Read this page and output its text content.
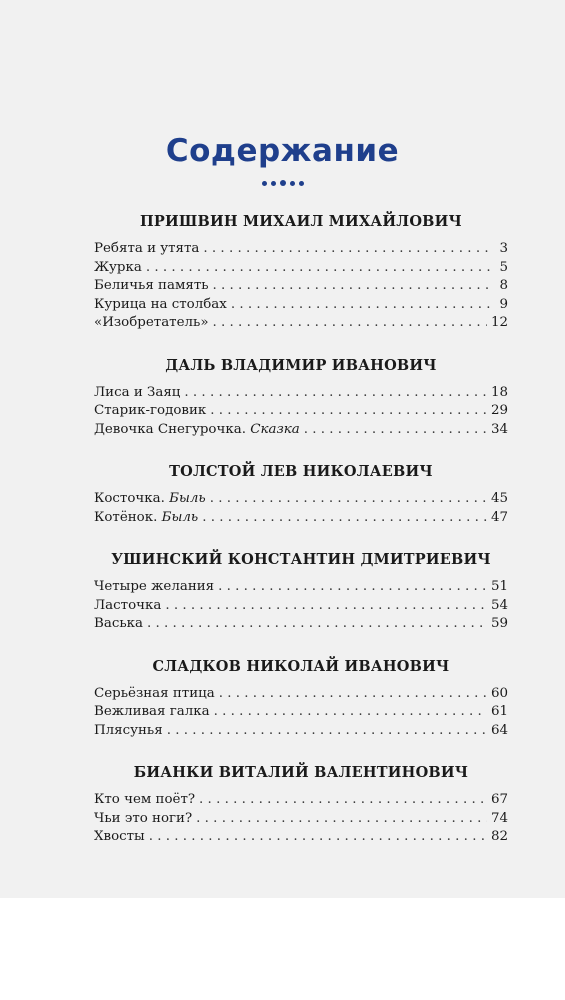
Содержание
ПРИШВИН МИХАИЛ МИХАЙЛОВИЧ
Ребята и утята . . .	3
Журка . . .	5
Беличья память . . .	8
Курица на столбах . . .	9
«Изобретатель» . . .	12
ДАЛЬ ВЛАДИМИР ИВАНОВИЧ
Лиса и Заяц . . .	18
Старик-годовик . . .	29
Девочка Снегурочка. Сказка . . .	34
ТОЛСТОЙ ЛЕВ НИКОЛАЕВИЧ
Косточка. Быль . . .	45
Котёнок. Быль . . .	47
УШИНСКИЙ КОНСТАНТИН ДМИТРИЕВИЧ
Четыре желания . . .	51
Ласточка . . .	54
Васька . . .	59
СЛАДКОВ НИКОЛАЙ ИВАНОВИЧ
Серьёзная птица . . .	60
Вежливая галка . . .	61
Плясунья . . .	64
БИАНКИ ВИТАЛИЙ ВАЛЕНТИНОВИЧ
Кто чем поёт? . . .	67
Чьи это ноги? . . .	74
Хвосты . . .	82
